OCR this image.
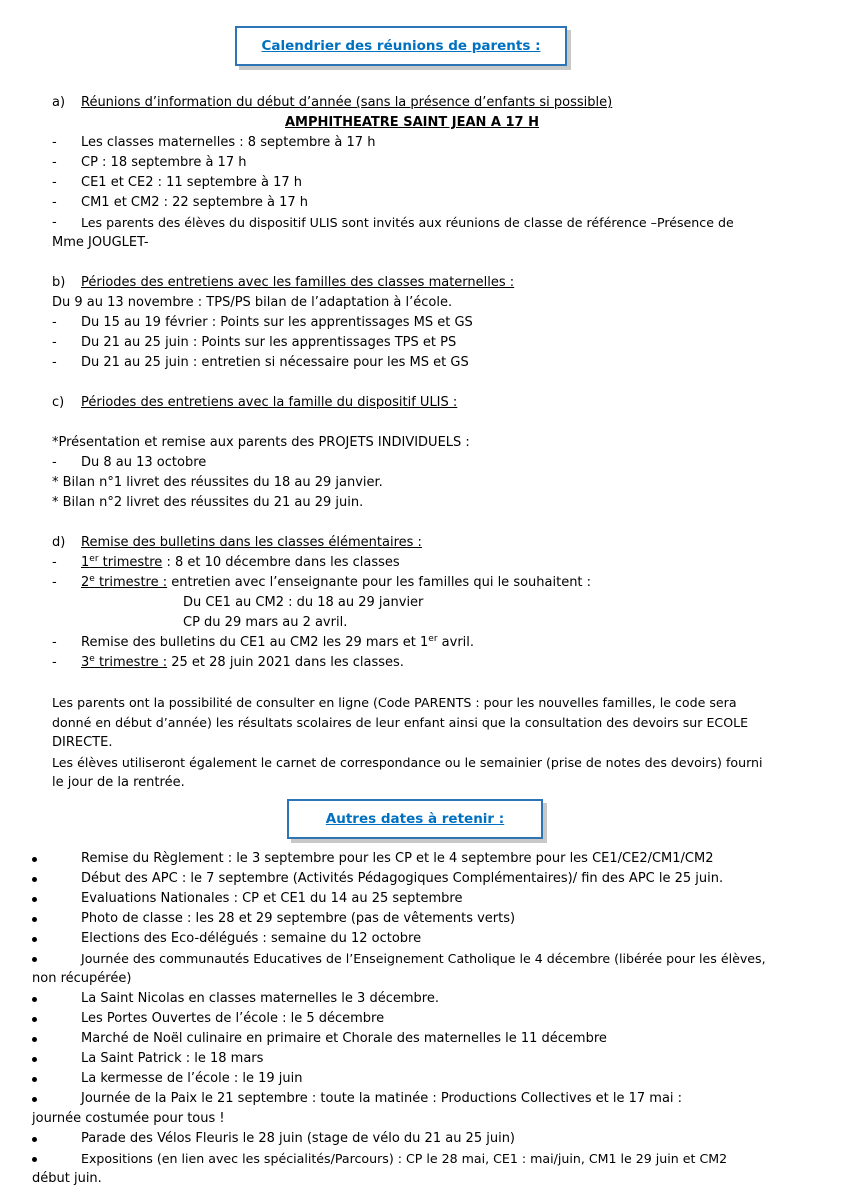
Calendrier des réunions de parents :
a) Réunions d’information du début d’année (sans la présence d’enfants si possible)
AMPHITHEATRE SAINT JEAN A 17 H
-	Les classes maternelles : 8 septembre à 17 h
-	CP : 18 septembre à 17 h
-	CE1 et CE2 : 11 septembre à 17 h
-	CM1 et CM2 : 22 septembre à 17 h
-	Les parents des élèves du dispositif ULIS sont invités aux réunions de classe de référence –Présence de
Mme JOUGLET-
b) Périodes des entretiens avec les familles des classes maternelles :
Du 9 au 13 novembre : TPS/PS bilan de l’adaptation à l’école.
-	Du 15 au 19 février : Points sur les apprentissages MS et GS
-	Du 21 au 25 juin : Points sur les apprentissages TPS et PS
-	Du 21 au 25 juin : entretien si nécessaire pour les MS et GS
c) Périodes des entretiens avec la famille du dispositif ULIS :
*Présentation et remise aux parents des PROJETS INDIVIDUELS :
-	Du 8 au 13 octobre
* Bilan n°1 livret des réussites du 18 au 29 janvier.
* Bilan n°2 livret des réussites du 21 au 29 juin.
d) Remise des bulletins dans les classes élémentaires :
-	1er trimestre : 8 et 10 décembre dans les classes
-	2e trimestre : entretien avec l’enseignante pour les familles qui le souhaitent :
Du CE1 au CM2 : du 18 au 29 janvier
CP du 29 mars au 2 avril.
-	Remise des bulletins du CE1 au CM2 les 29 mars et 1er avril.
-	3e trimestre : 25 et 28 juin 2021 dans les classes.
Les parents ont la possibilité de consulter en ligne (Code PARENTS : pour les nouvelles familles, le code sera
donné en début d’année) les résultats scolaires de leur enfant ainsi que la consultation des devoirs sur ECOLE
DIRECTE.
Les élèves utiliseront également le carnet de correspondance ou le semainier (prise de notes des devoirs) fourni
le jour de la rentrée.
Autres dates à retenir :
Remise du Règlement : le 3 septembre pour les CP et le 4 septembre pour les CE1/CE2/CM1/CM2
Début des APC : le 7 septembre (Activités Pédagogiques Complémentaires)/ fin des APC le 25 juin.
Evaluations Nationales : CP et CE1 du 14 au 25 septembre
Photo de classe : les 28 et 29 septembre (pas de vêtements verts)
Elections des Eco-délégués : semaine du 12 octobre
Journée des communautés Educatives de l’Enseignement Catholique le 4 décembre (libérée pour les élèves,
non récupérée)
La Saint Nicolas en classes maternelles le 3 décembre.
Les Portes Ouvertes de l’école : le 5 décembre
Marché de Noël culinaire en primaire et Chorale des maternelles le 11 décembre
La Saint Patrick : le 18 mars
La kermesse de l’école : le 19 juin
Journée de la Paix le 21 septembre : toute la matinée : Productions Collectives et le 17 mai :
journée costumée pour tous !
Parade des Vélos Fleuris le 28 juin (stage de vélo du 21 au 25 juin)
Expositions (en lien avec les spécialités/Parcours) : CP le 28 mai, CE1 : mai/juin, CM1 le 29 juin et CM2
début juin.
